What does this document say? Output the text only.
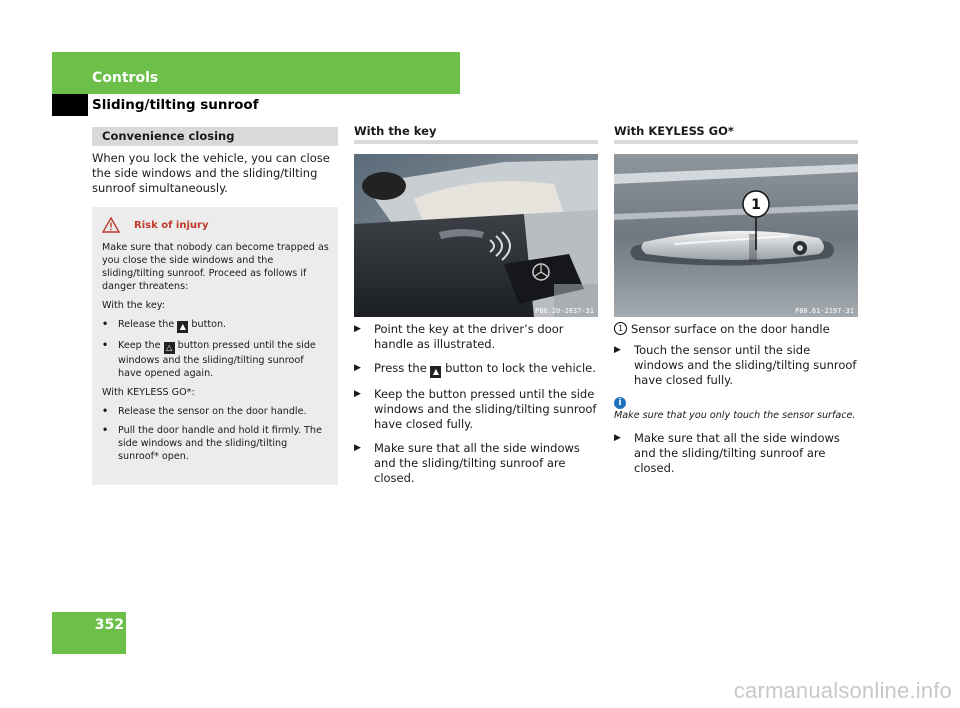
Controls
Sliding/tilting sunroof
Convenience closing
When you lock the vehicle, you can close the side windows and the sliding/tilting sunroof simultaneously.
Risk of injury

Make sure that nobody can become trapped as you close the side windows and the sliding/tilting sunroof. Proceed as follows if danger threatens:

With the key:

•	Release the ▲ button.
•	Keep the △ button pressed until the side windows and the sliding/tilting sunroof have opened again.

With KEYLESS GO*:

•	Release the sensor on the door handle.
•	Pull the door handle and hold it firmly. The side windows and the sliding/tilting sunroof* open.
With the key
P80.20-2837-31
▶	Point the key at the driver’s door handle as illustrated.
▶	Press the ▲ button to lock the vehicle.
▶	Keep the button pressed until the side windows and the sliding/tilting sunroof have closed fully.
▶	Make sure that all the side windows and the sliding/tilting sunroof are closed.
With KEYLESS GO*
1
P80.61-2197-31
1 Sensor surface on the door handle
▶	Touch the sensor until the side windows and the sliding/tilting sunroof have closed fully.
i
Make sure that you only touch the sensor surface.
▶	Make sure that all the side windows and the sliding/tilting sunroof are closed.
352
carmanualsonline.info
